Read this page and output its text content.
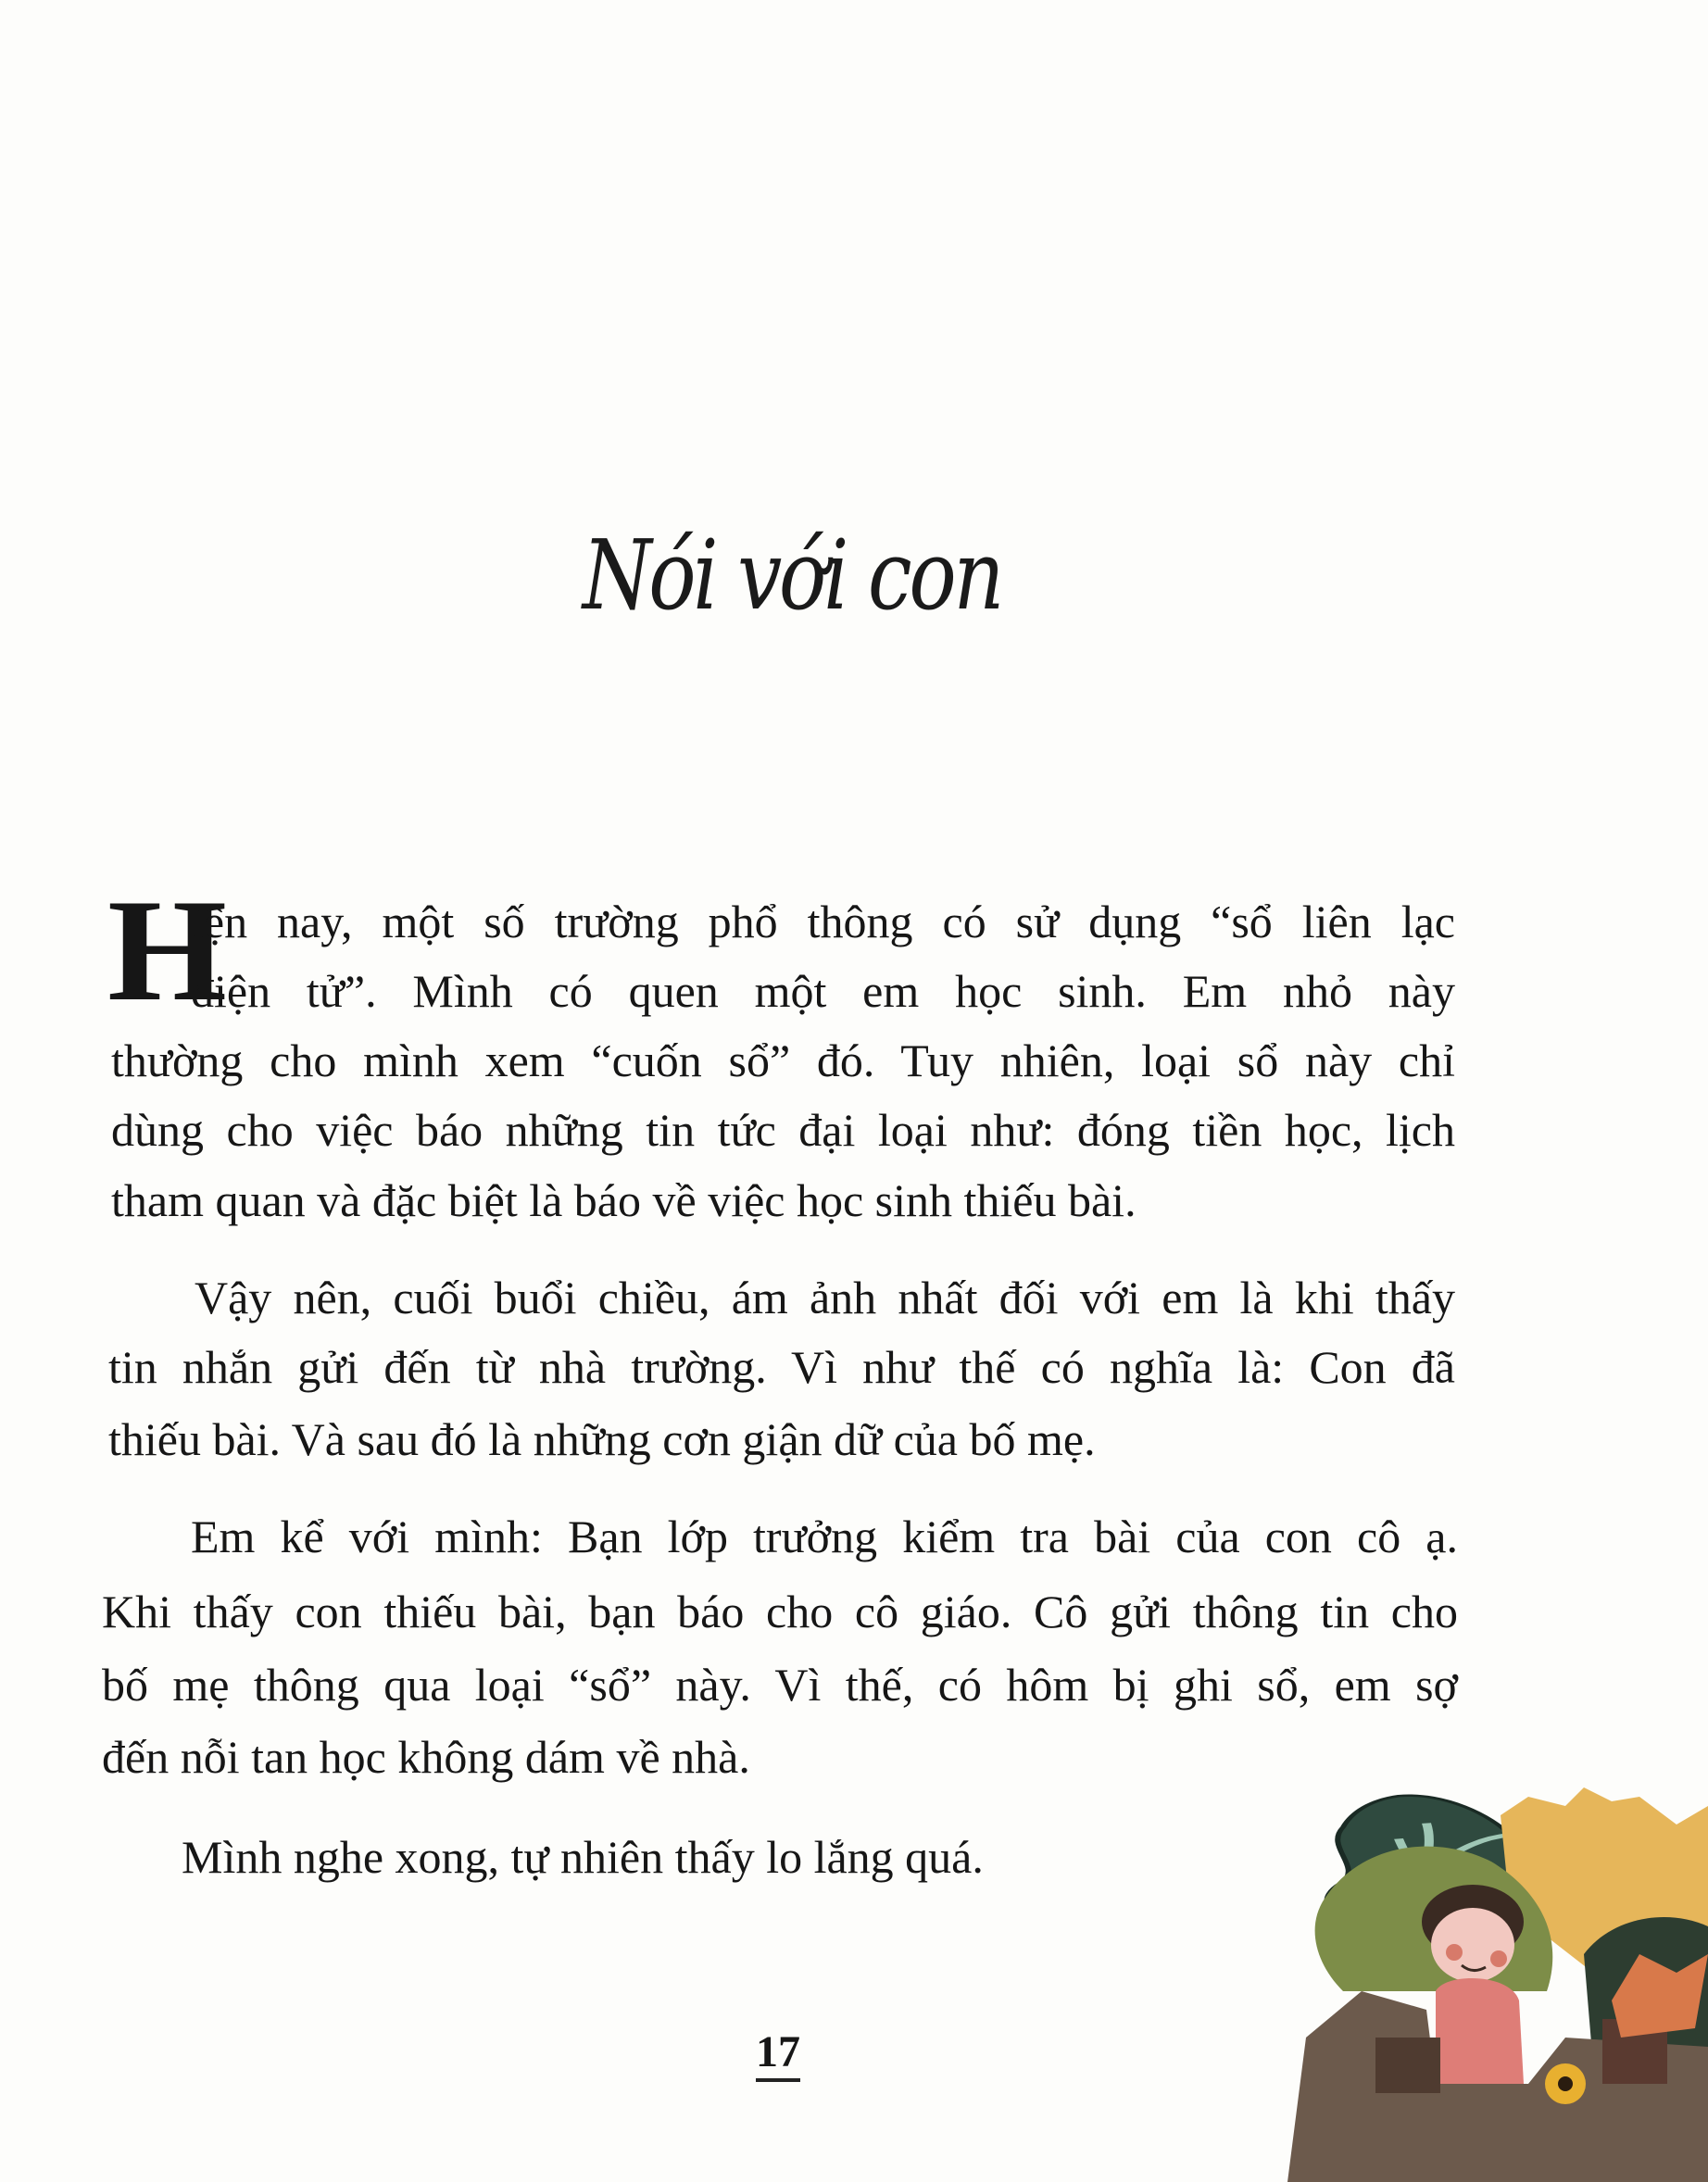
Nói với con
H
iện nay, một số trường phổ thông có sử dụng “sổ liên lạc
điện tử”. Mình có quen một em học sinh. Em nhỏ này
thường cho mình xem “cuốn sổ” đó. Tuy nhiên, loại sổ này chỉ
dùng cho việc báo những tin tức đại loại như: đóng tiền học, lịch
tham quan và đặc biệt là báo về việc học sinh thiếu bài.
Vậy nên, cuối buổi chiều, ám ảnh nhất đối với em là khi thấy
tin nhắn gửi đến từ nhà trường. Vì như thế có nghĩa là: Con đã
thiếu bài. Và sau đó là những cơn giận dữ của bố mẹ.
Em kể với mình: Bạn lớp trưởng kiểm tra bài của con cô ạ.
Khi thấy con thiếu bài, bạn báo cho cô giáo. Cô gửi thông tin cho
bố mẹ thông qua loại “sổ” này. Vì thế, có hôm bị ghi sổ, em sợ
đến nỗi tan học không dám về nhà.
Mình nghe xong, tự nhiên thấy lo lắng quá.
17
